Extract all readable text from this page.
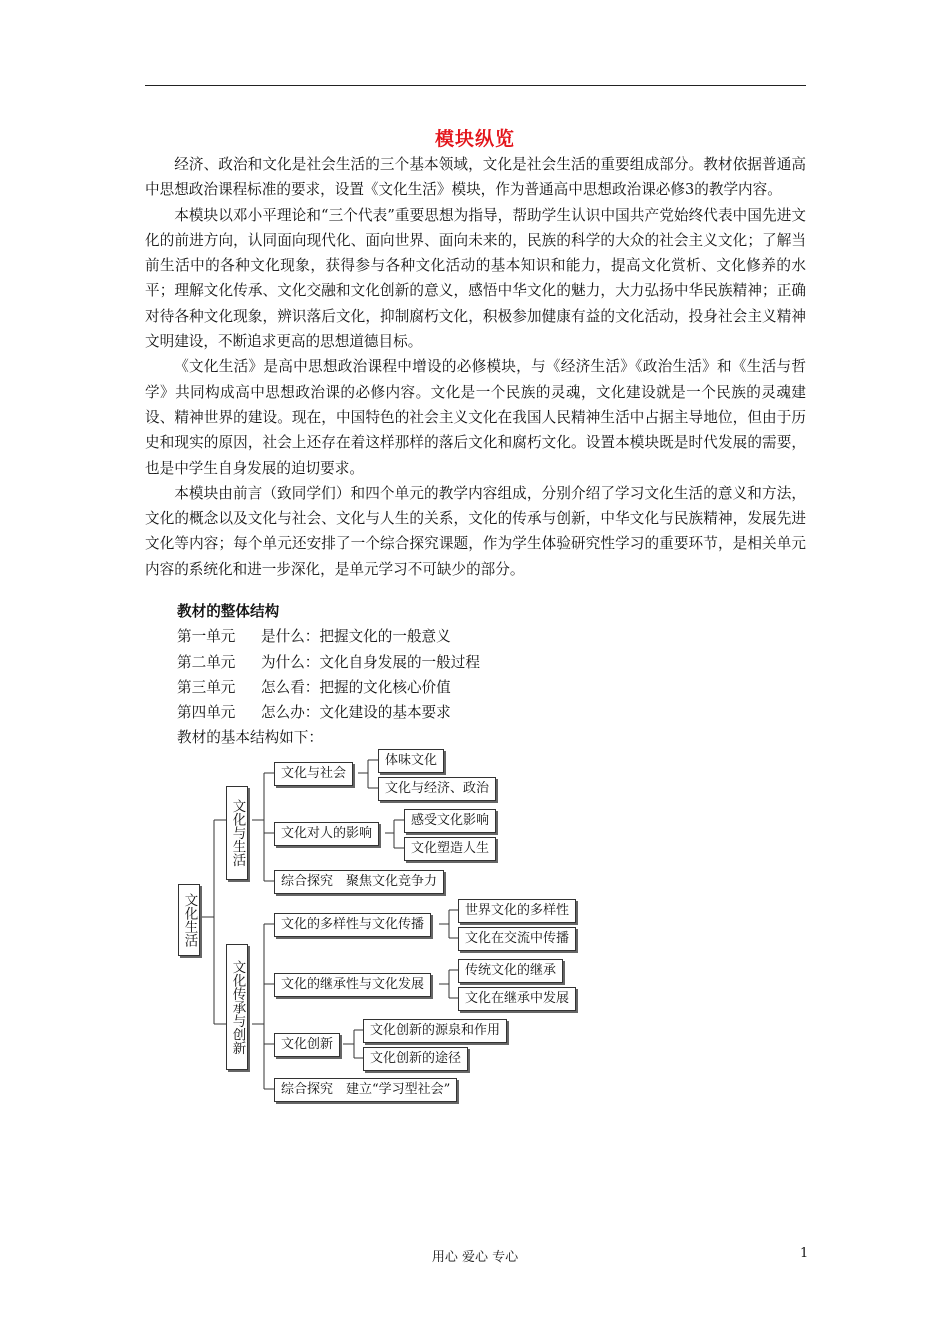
模块纵览

经济、政治和文化是社会生活的三个基本领域，文化是社会生活的重要组成部分。教材依据普通高中思想政治课程标准的要求，设置《文化生活》模块，作为普通高中思想政治课必修3的教学内容。

本模块以邓小平理论和“三个代表”重要思想为指导，帮助学生认识中国共产党始终代表中国先进文化的前进方向，认同面向现代化、面向世界、面向未来的，民族的科学的大众的社会主义文化；了解当前生活中的各种文化现象，获得参与各种文化活动的基本知识和能力，提高文化赏析、文化修养的水平；理解文化传承、文化交融和文化创新的意义，感悟中华文化的魅力，大力弘扬中华民族精神；正确对待各种文化现象，辨识落后文化，抑制腐朽文化，积极参加健康有益的文化活动，投身社会主义精神文明建设，不断追求更高的思想道德目标。

《文化生活》是高中思想政治课程中增设的必修模块，与《经济生活》《政治生活》和《生活与哲学》共同构成高中思想政治课的必修内容。文化是一个民族的灵魂，文化建设就是一个民族的灵魂建设、精神世界的建设。现在，中国特色的社会主义文化在我国人民精神生活中占据主导地位，但由于历史和现实的原因，社会上还存在着这样那样的落后文化和腐朽文化。设置本模块既是时代发展的需要，也是中学生自身发展的迫切要求。

本模块由前言（致同学们）和四个单元的教学内容组成，分别介绍了学习文化生活的意义和方法，文化的概念以及文化与社会、文化与人生的关系，文化的传承与创新，中华文化与民族精神，发展先进文化等内容；每个单元还安排了一个综合探究课题，作为学生体验研究性学习的重要环节，是相关单元内容的系统化和进一步深化，是单元学习不可缺少的部分。

教材的整体结构
第一单元 是什么：把握文化的一般意义
第二单元 为什么：文化自身发展的一般过程
第三单元 怎么看：把握的文化核心价值
第四单元 怎么办：文化建设的基本要求
教材的基本结构如下：
文化生活
文化与生活
文化传承与创新
文化与社会
文化对人的影响
综合探究　聚焦文化竞争力
体味文化
文化与经济、政治
感受文化影响
文化塑造人生
文化的多样性与文化传播
文化的继承性与文化发展
文化创新
综合探究　建立“学习型社会”
世界文化的多样性
文化在交流中传播
传统文化的继承
文化在继承中发展
文化创新的源泉和作用
文化创新的途径
用心 爱心 专心	1
